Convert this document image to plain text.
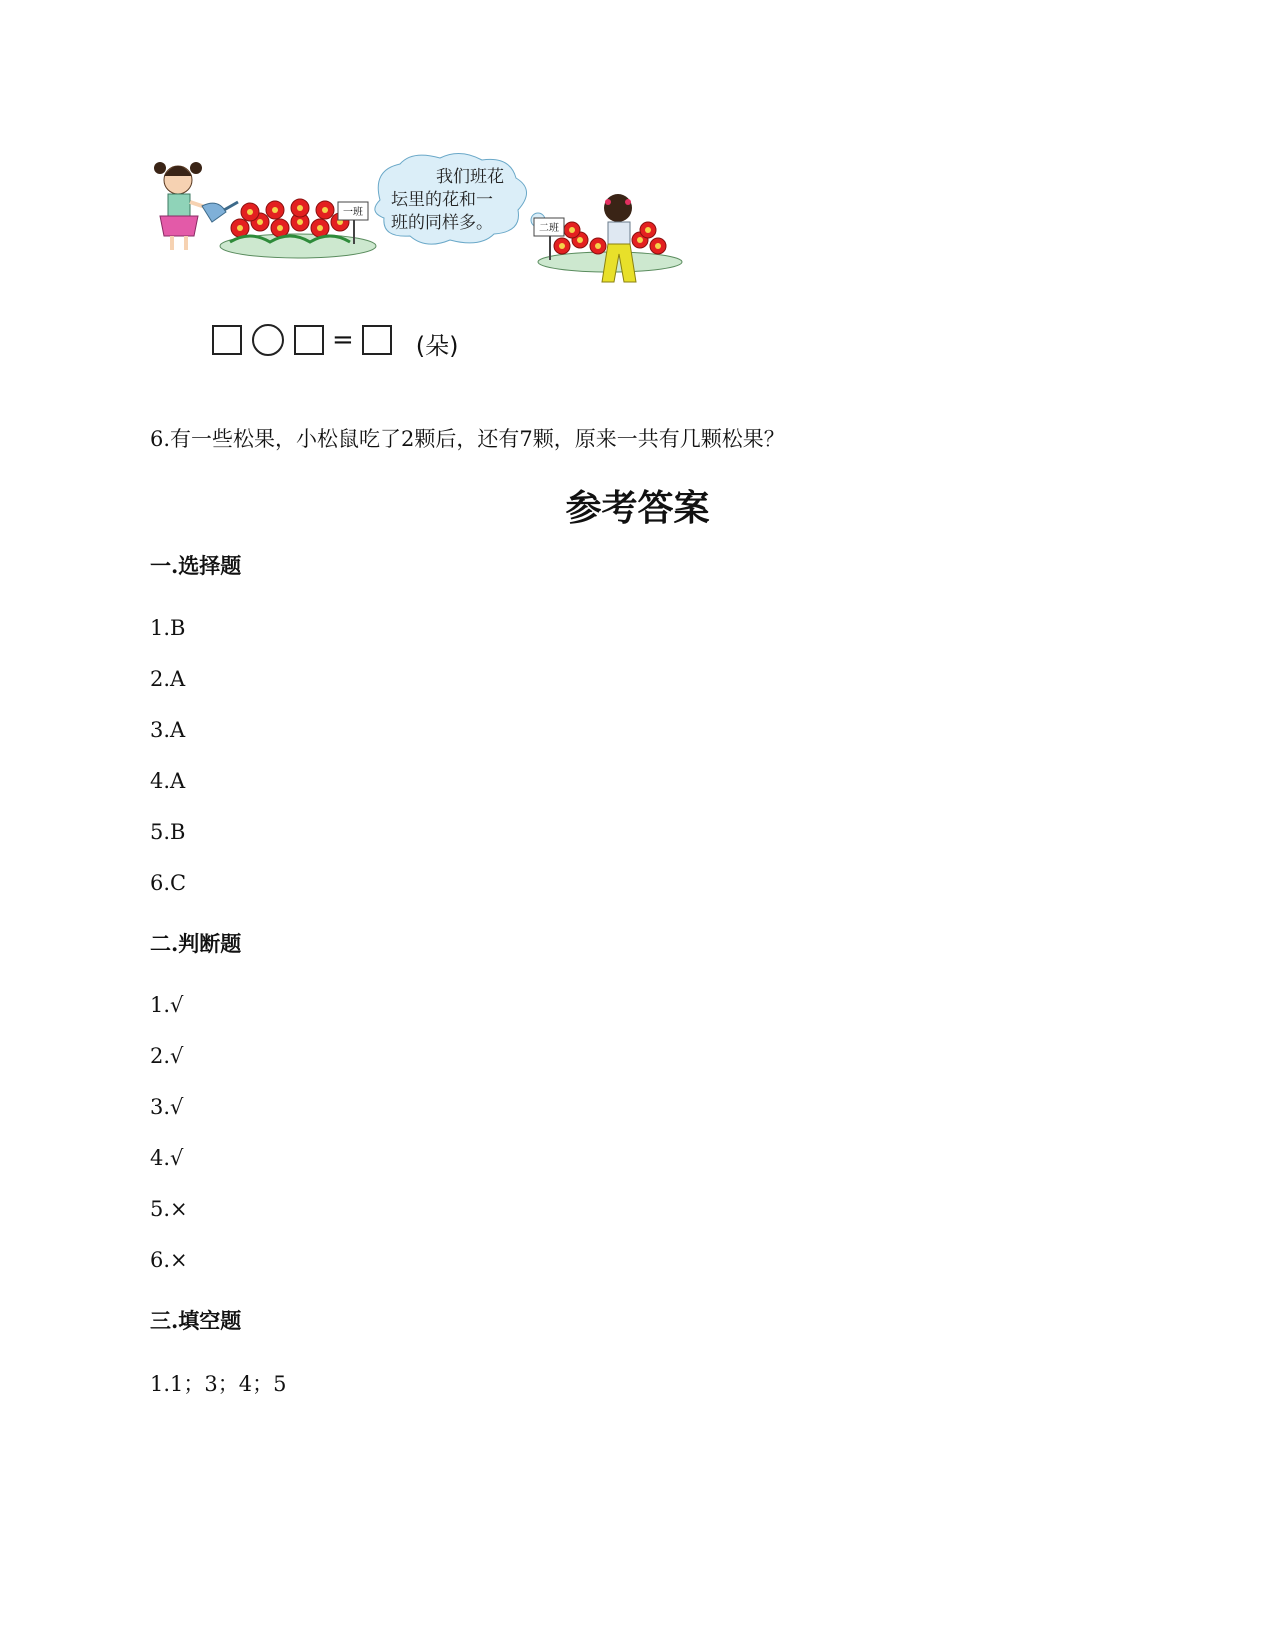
一班
我们班花 坛里的花和一 班的同样多。	二班
=	(朵)
6.有一些松果，小松鼠吃了2颗后，还有7颗，原来一共有几颗松果？
参考答案
一.选择题
1.B
2.A
3.A
4.A
5.B
6.C
二.判断题
1.√
2.√
3.√
4.√
5.×
6.×
三.填空题
1.1；3；4；5
